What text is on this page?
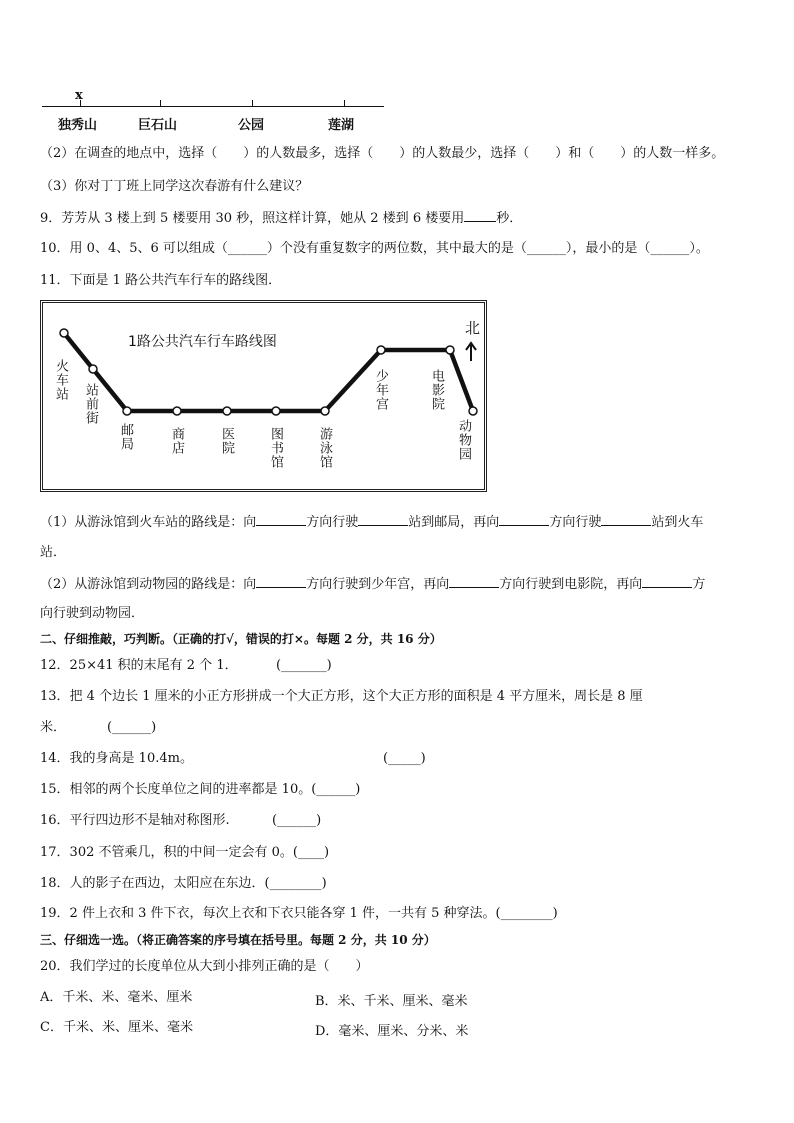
x
独秀山	巨石山	公园	莲湖
（2）在调查的地点中，选择（　　）的人数最多，选择（　　）的人数最少，选择（　　）和（　　）的人数一样多。
（3）你对丁丁班上同学这次春游有什么建议？
9．芳芳从 3 楼上到 5 楼要用 30 秒，照这样计算，她从 2 楼到 6 楼要用 秒．
10．用 0、4、5、6 可以组成（______）个没有重复数字的两位数，其中最大的是（______），最小的是（______）。
11．下面是 1 路公共汽车行车的路线图．
1路公共汽车行车路线图
北
火车站
站前街
邮局	商店	医院	图书馆	游泳馆
少年宫	电影院
动物园
（1）从游泳馆到火车站的路线是：向	方向行驶	站到邮局，再向	方向行驶	站到火车
站．
（2）从游泳馆到动物园的路线是：向	方向行驶到少年宫，再向	方向行驶到电影院，再向	方
向行驶到动物园．
二、仔细推敲，巧判断。（正确的打√，错误的打×。每题 2 分，共 16 分）
12．25×41 积的末尾有 2 个 1．	(_______)
13．把 4 个边长 1 厘米的小正方形拼成一个大正方形，这个大正方形的面积是 4 平方厘米，周长是 8 厘
米．	(______)
14．我的身高是 10.4m。	(_____)
15．相邻的两个长度单位之间的进率都是 10。(______)
16．平行四边形不是轴对称图形.	(______)
17．302 不管乘几，积的中间一定会有 0。(____)
18．人的影子在西边，太阳应在东边．(________)
19．2 件上衣和 3 件下衣，每次上衣和下衣只能各穿 1 件，一共有 5 种穿法。(________)
三、仔细选一选。（将正确答案的序号填在括号里。每题 2 分，共 10 分）
20．我们学过的长度单位从大到小排列正确的是（　　）
A．千米、米、毫米、厘米	B．米、千米、厘米、毫米
C．千米、米、厘米、毫米	D．毫米、厘米、分米、米
